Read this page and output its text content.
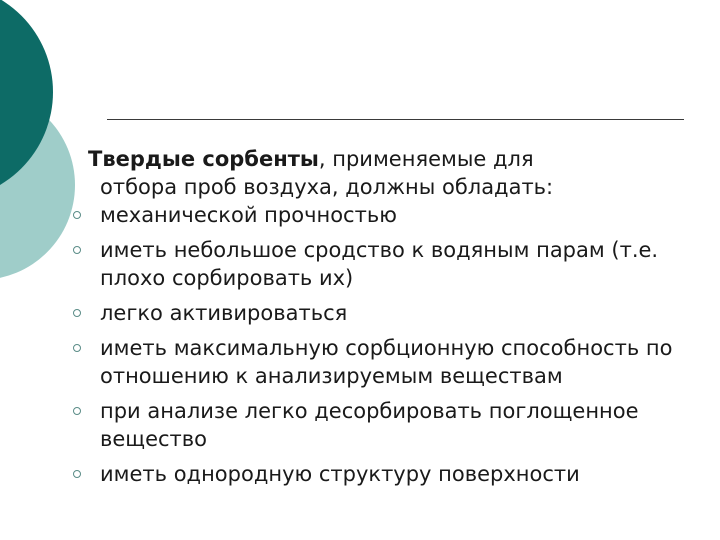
Твердые сорбенты, применяемые для
отбора проб воздуха, должны обладать:

механической прочностью
иметь небольшое сродство к водяным парам (т.е. плохо сорбировать их)
легко активироваться
иметь максимальную сорбционную способность по отношению к анализируемым веществам
при анализе легко десорбировать поглощенное вещество
иметь однородную структуру поверхности
